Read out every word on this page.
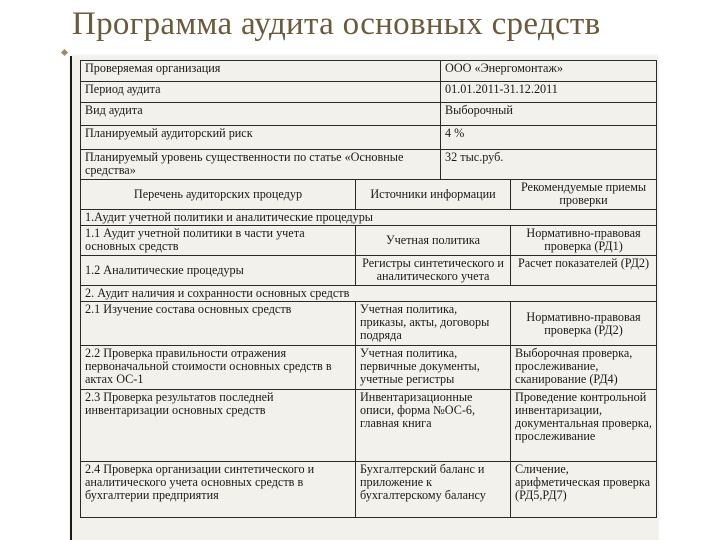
Программа аудита основных средств
Проверяемая организация		ООО «Энергомонтаж»	
Период аудита		01.01.2011-31.12.2011	
Вид аудита		Выборочный	
Планируемый аудиторский риск		4 %	
Планируемый уровень существенности по статье «Основные средства»		32 тыс.руб.	
Перечень аудиторских процедур	Источники информации		Рекомендуемые приемы проверки
1.Аудит учетной политики и аналитические процедуры			
1.1 Аудит учетной политики в части учета основных средств	Учетная политика		Нормативно-правовая проверка (РД1)
1.2 Аналитические процедуры	Регистры синтетического и аналитического учета		Расчет показателей (РД2)
2. Аудит наличия и сохранности основных средств			
2.1 Изучение состава основных средств	Учетная политика, приказы, акты, договоры подряда		Нормативно-правовая проверка (РД2)
2.2 Проверка правильности отражения первоначальной стоимости основных средств в актах ОС-1	Учетная политика, первичные документы, учетные регистры		Выборочная проверка, прослеживание, сканирование (РД4)
2.3 Проверка результатов последней инвентаризации основных средств	Инвентаризационные описи, форма №ОС-6, главная книга		Проведение контрольной инвентаризации, документальная проверка, прослеживание
2.4 Проверка организации синтетического и аналитического учета основных средств в бухгалтерии предприятия	Бухгалтерский баланс и приложение к бухгалтерскому балансу		Сличение, арифметическая проверка (РД5,РД7)
